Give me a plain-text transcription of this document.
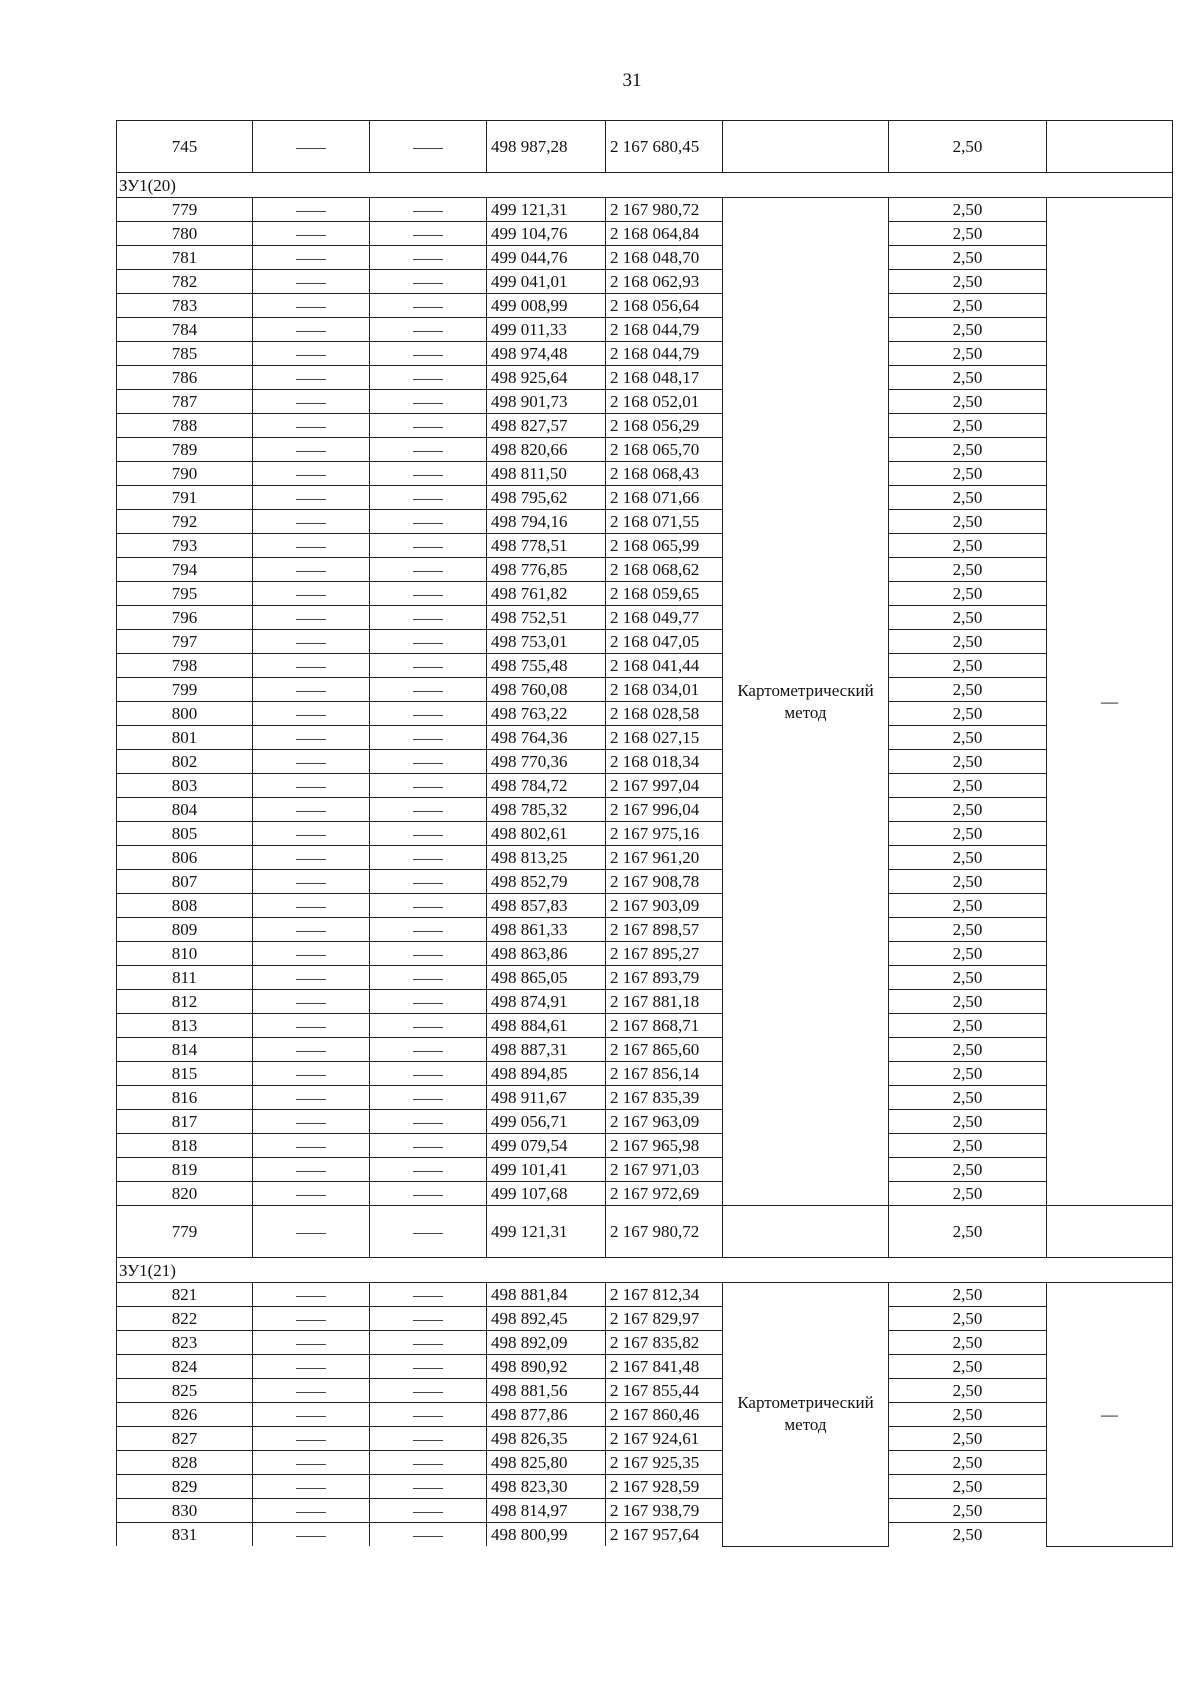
31
745			498 987,28	2 167 680,45		2,50	
ЗУ1(20)							
779			499 121,31	2 167 980,72	Картометрический метод	2,50	—
780			499 104,76	2 168 064,84		2,50	
781			499 044,76	2 168 048,70		2,50	
782			499 041,01	2 168 062,93		2,50	
783			499 008,99	2 168 056,64		2,50	
784			499 011,33	2 168 044,79		2,50	
785			498 974,48	2 168 044,79		2,50	
786			498 925,64	2 168 048,17		2,50	
787			498 901,73	2 168 052,01		2,50	
788			498 827,57	2 168 056,29		2,50	
789			498 820,66	2 168 065,70		2,50	
790			498 811,50	2 168 068,43		2,50	
791			498 795,62	2 168 071,66		2,50	
792			498 794,16	2 168 071,55		2,50	
793			498 778,51	2 168 065,99		2,50	
794			498 776,85	2 168 068,62		2,50	
795			498 761,82	2 168 059,65		2,50	
796			498 752,51	2 168 049,77		2,50	
797			498 753,01	2 168 047,05		2,50	
798			498 755,48	2 168 041,44		2,50	
799			498 760,08	2 168 034,01		2,50	
800			498 763,22	2 168 028,58		2,50	
801			498 764,36	2 168 027,15		2,50	
802			498 770,36	2 168 018,34		2,50	
803			498 784,72	2 167 997,04		2,50	
804			498 785,32	2 167 996,04		2,50	
805			498 802,61	2 167 975,16		2,50	
806			498 813,25	2 167 961,20		2,50	
807			498 852,79	2 167 908,78		2,50	
808			498 857,83	2 167 903,09		2,50	
809			498 861,33	2 167 898,57		2,50	
810			498 863,86	2 167 895,27		2,50	
811			498 865,05	2 167 893,79		2,50	
812			498 874,91	2 167 881,18		2,50	
813			498 884,61	2 167 868,71		2,50	
814			498 887,31	2 167 865,60		2,50	
815			498 894,85	2 167 856,14		2,50	
816			498 911,67	2 167 835,39		2,50	
817			499 056,71	2 167 963,09		2,50	
818			499 079,54	2 167 965,98		2,50	
819			499 101,41	2 167 971,03		2,50	
820			499 107,68	2 167 972,69		2,50	
779			499 121,31	2 167 980,72		2,50	
ЗУ1(21)							
821			498 881,84	2 167 812,34	Картометрический метод	2,50	—
822			498 892,45	2 167 829,97		2,50	
823			498 892,09	2 167 835,82		2,50	
824			498 890,92	2 167 841,48		2,50	
825			498 881,56	2 167 855,44		2,50	
826			498 877,86	2 167 860,46		2,50	
827			498 826,35	2 167 924,61		2,50	
828			498 825,80	2 167 925,35		2,50	
829			498 823,30	2 167 928,59		2,50	
830			498 814,97	2 167 938,79		2,50	
831			498 800,99	2 167 957,64		2,50	
